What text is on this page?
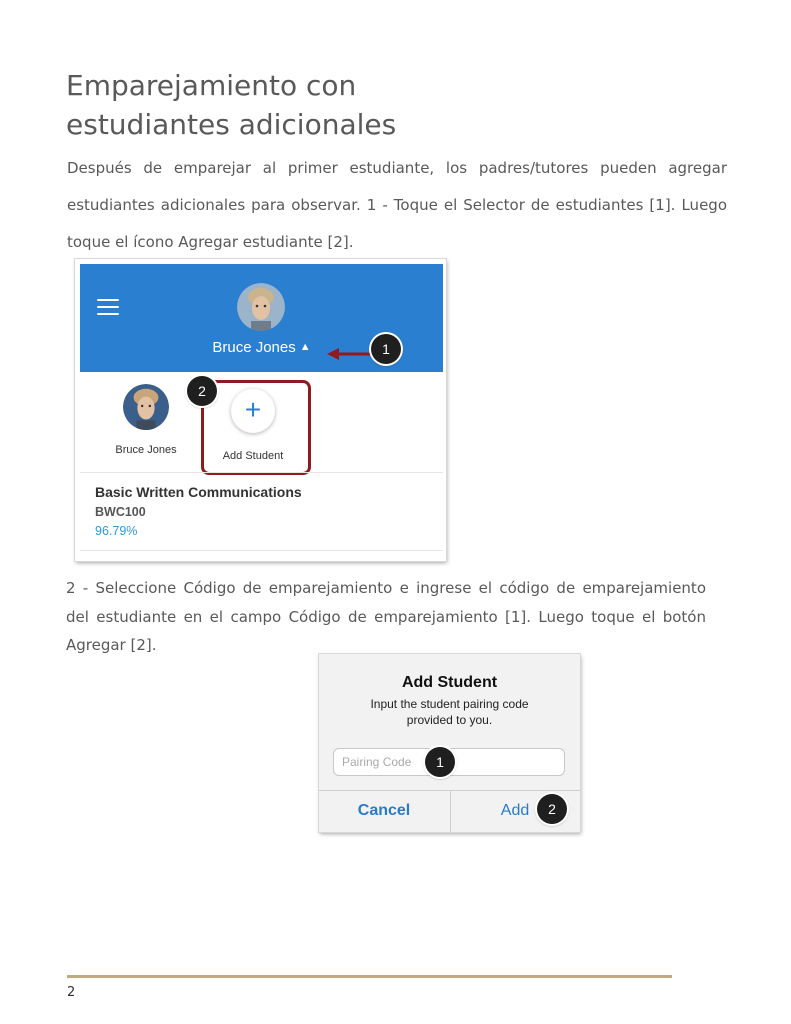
Emparejamiento con
estudiantes adicionales

Después de emparejar al primer estudiante, los padres/tutores pueden agregar estudiantes adicionales para observar. 1 - Toque el Selector de estudiantes [1]. Luego toque el ícono Agregar estudiante [2].

Bruce Jones ▲	1
Bruce Jones
+
Add Student
2
Basic Written Communications
BWC100
96.79%

2 - Seleccione Código de emparejamiento e ingrese el código de emparejamiento del estudiante en el campo Código de emparejamiento [1]. Luego toque el botón Agregar [2].

Add Student
Input the student pairing code
provided to you.
Pairing Code
1
Cancel	Add	2
2
